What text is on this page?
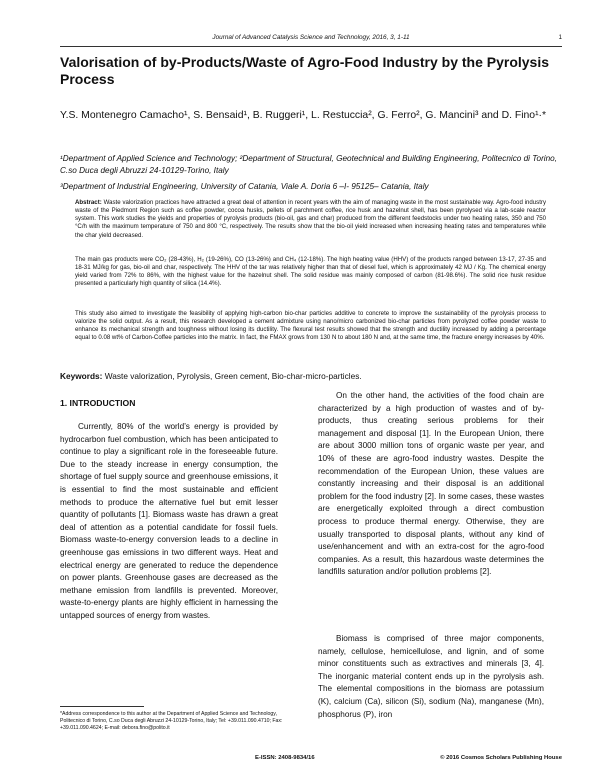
Journal of Advanced Catalysis Science and Technology, 2016, 3, 1-11	1
Valorisation of by-Products/Waste of Agro-Food Industry by the Pyrolysis Process
Y.S. Montenegro Camacho¹, S. Bensaid¹, B. Ruggeri¹, L. Restuccia², G. Ferro², G. Mancini³ and D. Fino¹·*
¹Department of Applied Science and Technology; ²Department of Structural, Geotechnical and Building Engineering, Politecnico di Torino, C.so Duca degli Abruzzi 24-10129-Torino, Italy
³Department of Industrial Engineering, University of Catania, Viale A. Doria 6 –I- 95125– Catania, Italy

Abstract: Waste valorization practices have attracted a great deal of attention in recent years with the aim of managing waste in the most sustainable way. Agro-food industry waste of the Piedmont Region such as coffee powder, cocoa husks, pellets of parchment coffee, rice husk and hazelnut shell, has been pyrolysed via a lab-scale reactor system. This work studies the yields and properties of pyrolysis products (bio-oil, gas and char) produced from the different feedstocks under two heating rates, 350 and 750 °C/h with the maximum temperature of 750 and 800 °C, respectively. The results show that the bio-oil yield increased when increasing heating rates and temperatures while the char yield decreased.

The main gas products were CO₂ (28-43%), H₂ (19-26%), CO (13-26%) and CH₄ (12-18%). The high heating value (HHV) of the products ranged between 13-17, 27-35 and 18-31 MJ/kg for gas, bio-oil and char, respectively. The HHV of the tar was relatively higher than that of diesel fuel, which is approximately 42 MJ / Kg. The chemical energy yield varied from 72% to 86%, with the highest value for the hazelnut shell. The solid residue was mainly composed of carbon (81-98.6%). The solid rice husk residue presented a particularly high quantity of silica (14.4%).

This study also aimed to investigate the feasibility of applying high-carbon bio-char particles additive to concrete to improve the sustainability of the pyrolysis process to valorize the solid output. As a result, this research developed a cement admixture using nano/micro carbonized bio-char particles from pyrolyzed coffee powder waste to enhance its mechanical strength and toughness without losing its ductility. The flexural test results showed that the strength and ductility increased by adding a percentage equal to 0.08 wt% of Carbon-Coffee particles into the matrix. In fact, the FMAX grows from 130 N to about 180 N and, at the same time, the fracture energy increases by 40%.

Keywords: Waste valorization, Pyrolysis, Green cement, Bio-char-micro-particles.
1. INTRODUCTION

Currently, 80% of the world’s energy is provided by hydrocarbon fuel combustion, which has been anticipated to continue to play a significant role in the foreseeable future. Due to the steady increase in energy consumption, the shortage of fuel supply source and greenhouse emissions, it is essential to find the most sustainable and efficient methods to produce the alternative fuel but emit lesser quantity of pollutants [1]. Biomass waste has drawn a great deal of attention as a potential candidate for fossil fuels. Biomass waste-to-energy conversion leads to a decline in greenhouse gas emissions in two different ways. Heat and electrical energy are generated to reduce the dependence on power plants. Greenhouse gases are decreased as the methane emission from landfills is prevented. Moreover, waste-to-energy plants are highly efficient in harnessing the untapped sources of energy from wastes.

On the other hand, the activities of the food chain are characterized by a high production of wastes and of by-products, thus creating serious problems for their management and disposal [1]. In the European Union, there are about 3000 million tons of organic waste per year, and 10% of these are agro-food industry wastes. Despite the recommendation of the European Union, these values are constantly increasing and their disposal is an additional problem for the food industry [2]. In some cases, these wastes are energetically exploited through a direct combustion process to produce thermal energy. Otherwise, they are usually transported to disposal plants, without any kind of use/enhancement and with an extra-cost for the agro-food companies. As a result, this hazardous waste determines the landfills saturation and/or pollution problems [2].

Biomass is comprised of three major components, namely, cellulose, hemicellulose, and lignin, and of some minor constituents such as extractives and minerals [3, 4]. The inorganic material content ends up in the pyrolysis ash. The elemental compositions in the biomass are potassium (K), calcium (Ca), silicon (Si), sodium (Na), manganese (Mn), phosphorus (P), iron

*Address correspondence to this author at the Department of Applied Science and Technology, Politecnico di Torino, C.so Duca degli Abruzzi 24-10129-Torino, Italy; Tel: +39.011.090.4710; Fax: +39.011.090.4624; E-mail: debora.fino@polito.it
E-ISSN: 2408-9834/16	© 2016 Cosmos Scholars Publishing House
